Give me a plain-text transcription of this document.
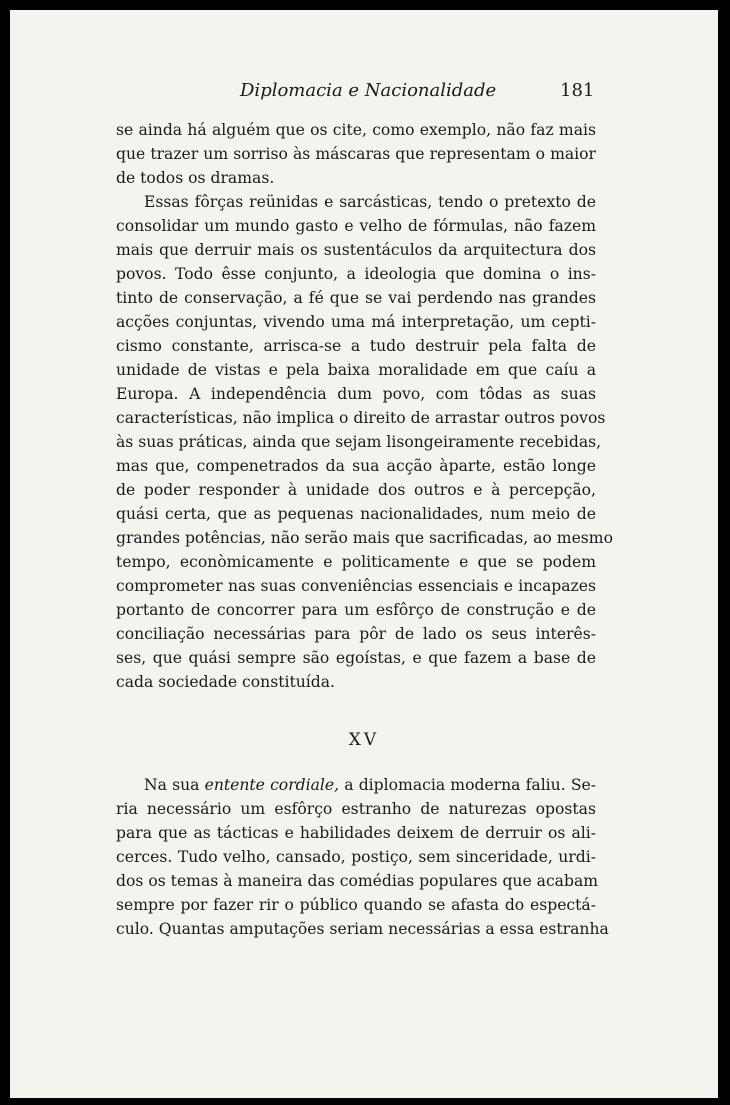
Diplomacia e Nacionalidade	181
se ainda há alguém que os cite, como exemplo, não faz mais
que trazer um sorriso às máscaras que representam o maior
de todos os dramas.
Essas fôrças reünidas e sarcásticas, tendo o pretexto de
consolidar um mundo gasto e velho de fórmulas, não fazem
mais que derruir mais os sustentáculos da arquitectura dos
povos. Todo êsse conjunto, a ideologia que domina o ins-
tinto de conservação, a fé que se vai perdendo nas grandes
acções conjuntas, vivendo uma má interpretação, um cepti-
cismo constante, arrisca-se a tudo destruir pela falta de
unidade de vistas e pela baixa moralidade em que caíu a
Europa. A independência dum povo, com tôdas as suas
características, não implica o direito de arrastar outros povos
às suas práticas, ainda que sejam lisongeiramente recebidas,
mas que, compenetrados da sua acção àparte, estão longe
de poder responder à unidade dos outros e à percepção,
quási certa, que as pequenas nacionalidades, num meio de
grandes potências, não serão mais que sacrificadas, ao mesmo
tempo, econòmicamente e politicamente e que se podem
comprometer nas suas conveniências essenciais e incapazes
portanto de concorrer para um esfôrço de construção e de
conciliação necessárias para pôr de lado os seus interês-
ses, que quási sempre são egoístas, e que fazem a base de
cada sociedade constituída.
XV
Na sua entente cordiale, a diplomacia moderna faliu. Se-
ria necessário um esfôrço estranho de naturezas opostas
para que as tácticas e habilidades deixem de derruir os ali-
cerces. Tudo velho, cansado, postiço, sem sinceridade, urdi-
dos os temas à maneira das comédias populares que acabam
sempre por fazer rir o público quando se afasta do espectá-
culo. Quantas amputações seriam necessárias a essa estranha
